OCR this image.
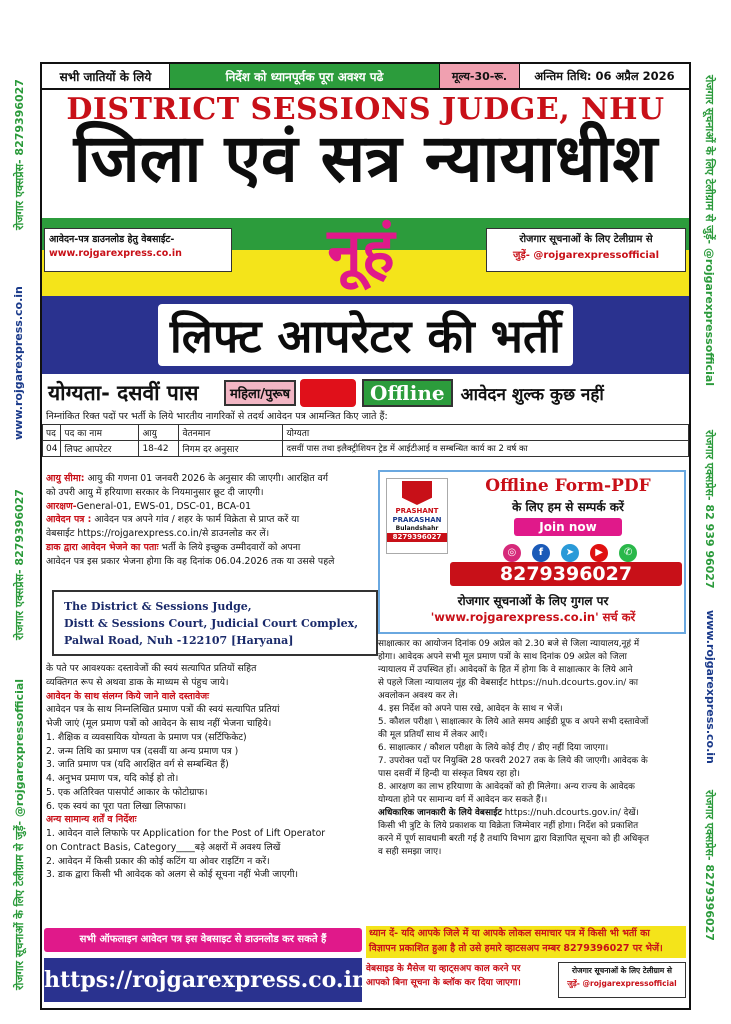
रोजगार एक्सप्रेस- 8279396027
www.rojgarexpress.co.in
रोजगार एक्सप्रेस- 8279396027
रोजगार सूचनाओं के लिए टेलीग्राम से जुड़ें- @rojgarexpressofficial
रोजगार सूचनाओं के लिए टेलीग्राम से जुड़ें- @rojgarexpressofficial
रोजगार एक्सप्रेस- 82 939 96027
www.rojgarexpress.co.in
रोजगार एक्सप्रेस- 8279396027
सभी जातियों के लिये	निर्देश को ध्यानपूर्वक पूरा अवश्य पढे	मूल्य-30-रू.	अन्तिम तिथि: 06 अप्रैल 2026
DISTRICT SESSIONS JUDGE, NHU
जिला एवं सत्र न्यायाधीश
आवेदन-पत्र डाउनलोड हेतु वेबसाईट-
www.rojgarexpress.co.in	नूहं	रोजगार सूचनाओं के लिए टेलीग्राम से
जुड़ें- @rojgarexpressofficial
लिफ्ट आपरेटर की भर्ती
योग्यता- दसवीं पास	महिला/पुरूष	Offline आवेदन शुल्क कुछ नहीं
निम्नांकित रिक्त पदों पर भर्ती के लिये भारतीय नागरिकों से तदर्थ आवेदन पत्र आमन्त्रित किए जाते हैं:
पद	पद का नाम	आयु	वेतनमान	योग्यता
04	लिफ्ट आपरेटर	18-42	निगम दर अनुसार	दसवीं पास तथा इलैक्ट्रीशियन ट्रेड में आईटीआई व सम्बन्धित कार्य का 2 वर्ष का
आयु सीमा: आयु की गणना 01 जनवरी 2026 के अनुसार की जाएगी। आरक्षित वर्ग
को उपरी आयु में हरियाणा सरकार के नियमानुसार छूट दी जाएगी।
आरक्षण-General-01, EWS-01, DSC-01, BCA-01
आवेदन पत्र : आवेदन पत्र अपने गांव / शहर के फार्म विक्रेता से प्राप्त करें या
वेबसाईट https://rojgarexpress.co.in/से डाउनलोड कर लें।
डाक द्वारा आवेदन भेजने का पताः भर्ती के लिये इच्छुक उम्मीदवारों को अपना
आवेदन पत्र इस प्रकार भेजना होगा कि वह दिनांक 06.04.2026 तक या उससे पहले
The District & Sessions Judge,
Distt & Sessions Court, Judicial Court Complex,
Palwal Road, Nuh -122107 [Haryana]
PRASHANT
PRAKASHAN
Bulandshahr
8279396027
Offline Form-PDF
के लिए हम से सम्पर्क करें
Join now
◎ f ➤ ▶ ✆
8279396027
रोजगार सूचनाओं के लिए गुगल पर
'www.rojgarexpress.co.in' सर्च करें
के पते पर आवश्यकः दस्तावेजों की स्वयं सत्यापित प्रतियों सहित
व्यक्तिगत रूप से अथवा डाक के माध्यम से पंहुच जाये।
आवेदन के साथ संलग्न किये जाने वाले दस्तावेजः
आवेदन पत्र के साथ निम्नलिखित प्रमाण पत्रों की स्वयं सत्यापित प्रतियां
भेजी जाएं (मूल प्रमाण पत्रों को आवेदन के साथ नहीं भेजना चाहिये।
1. शैक्षिक व व्यवसायिक योग्यता के प्रमाण पत्र (सर्टिफिकेट)
2. जन्म तिथि का प्रमाण पत्र (दसवीं या अन्य प्रमाण पत्र )
3. जाति प्रमाण पत्र (यदि आरक्षित वर्ग से सम्बन्धित हैं)
4. अनुभव प्रमाण पत्र, यदि कोई हो तो।
5. एक अतिरिक्त पासपोर्ट आकार के फोटोग्राफ।
6. एक स्वयं का पूरा पता लिखा लिफाफा।
अन्य सामान्य शर्तें व निर्देशः
1. आवेदन वाले लिफाफे पर Application for the Post of Lift Operator
on Contract Basis, Category____बड़े अक्षरों में अवश्य लिखें
2. आवेदन में किसी प्रकार की कोई कटिंग या ओवर राइटिंग न करें।
3. डाक द्वारा किसी भी आवेदक को अलग से कोई सूचना नहीं भेजी जाएगी।
साक्षात्कार का आयोजन दिनांक 09 अप्रेल को 2.30 बजे से जिला न्यायालय,नूहं में
होगा। आवेदक अपने सभी मूल प्रमाण पत्रों के साथ दिनांक 09 अप्रेल को जिला
न्यायालय में उपस्थित हों। आवेदकों के हित में होगा कि वे साक्षात्कार के लिये आने
से पहले जिला न्यायालय नूंह की वेबसाईट https://nuh.dcourts.gov.in/ का
अवलोकन अवश्य कर ले।
4. इस निर्देश को अपने पास रखे, आवेदन के साथ न भेजें।
5. कौशल परीक्षा \ साक्षात्कार के लिये आते समय आईडी प्रूफ व अपने सभी दस्तावेजों
की मूल प्रतियाँ साथ में लेकर आएँ।
6. साक्षात्कार / कौशल परीक्षा के लिये कोई टीए / डीए नहीं दिया जाएगा।
7. उपरोक्त पदों पर नियुक्ति 28 फरवरी 2027 तक के लिये की जाएगी। आवेदक के
पास दसवीं में हिन्दी या संस्कृत विषय रहा हो।
8. आरक्षण का लाभ हरियाणा के आवेदकों को ही मिलेगा। अन्य राज्य के आवेदक
योग्यता होने पर सामान्य वर्ग में आवेदन कर सकते हैं।।
अधिकारिक जानकारी के लिये वेबसाईट https://nuh.dcourts.gov.in/ देखें।
किसी भी त्रुटि के लिये प्रकाशक या विक्रेता जिम्मेवार नहीं होगा। निर्देश को प्रकाशित
करने में पूर्ण सावधानी बरती गई है तथापि विभाग द्वारा विज्ञापित सूचना को ही अधिकृत
व सही समझा जाए।
सभी ऑफलाइन आवेदन पत्र इस वेबसाइट से डाउनलोड कर सकते हैं
https://rojgarexpress.co.in
ध्यान दें- यदि आपके जिले में या आपके लोकल समाचार पत्र में किसी भी भर्ती का
विज्ञापन प्रकाशित हुआ है तो उसे हमारे व्हाटसअप नम्बर 8279396027 पर भेजें।
वेबसाइड के मैसेज या व्हाट्सअप काल करने पर
आपको बिना सूचना के ब्लॉक कर दिया जाएगा।
रोजगार सूचनाओं के लिए टेलीग्राम से
जुड़ें- @rojgarexpressofficial
